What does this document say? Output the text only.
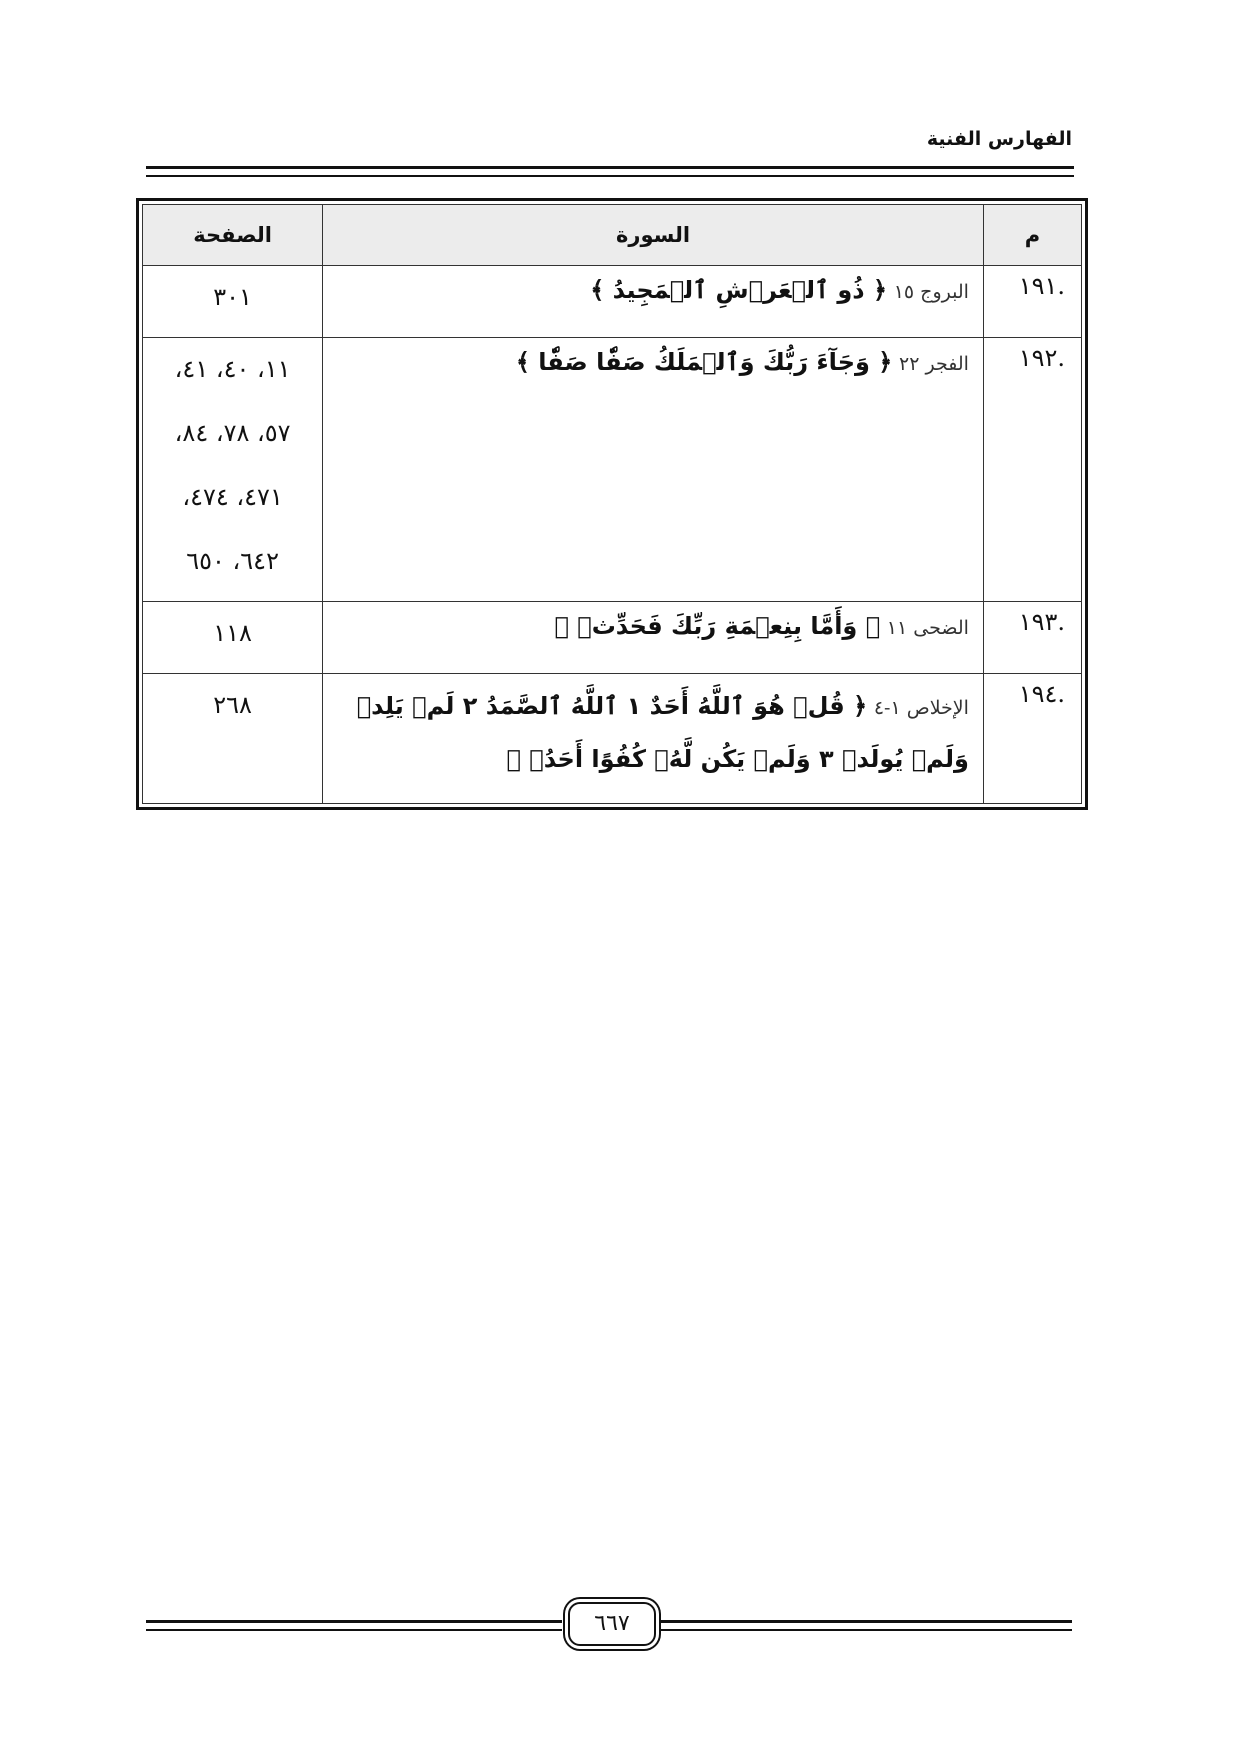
الفهارس الفنية
م	السورة	الصفحة
.١٩١	البروج ١٥ ﴿ ذُو ٱلۡعَرۡشِ ٱلۡمَجِيدُ ﴾	٣٠١

.١٩٢	الفجر ٢٢ ﴿ وَجَآءَ رَبُّكَ وَٱلۡمَلَكُ صَفّٗا صَفّٗا ﴾	١١، ٤٠، ٤١،
٥٧، ٧٨، ٨٤،
٤٧١، ٤٧٤،
٦٤٢، ٦٥٠

.١٩٣	الضحى ١١ ﴿ وَأَمَّا بِنِعۡمَةِ رَبِّكَ فَحَدِّثۡ ﴾	١١٨

.١٩٤	الإخلاص ١-٤ ﴿ قُلۡ هُوَ ٱللَّهُ أَحَدٌ ١ ٱللَّهُ ٱلصَّمَدُ ٢ لَمۡ يَلِدۡ وَلَمۡ يُولَدۡ ٣ وَلَمۡ يَكُن لَّهُۥ كُفُوًا أَحَدُۢ ﴾	٢٦٨
٦٦٧
